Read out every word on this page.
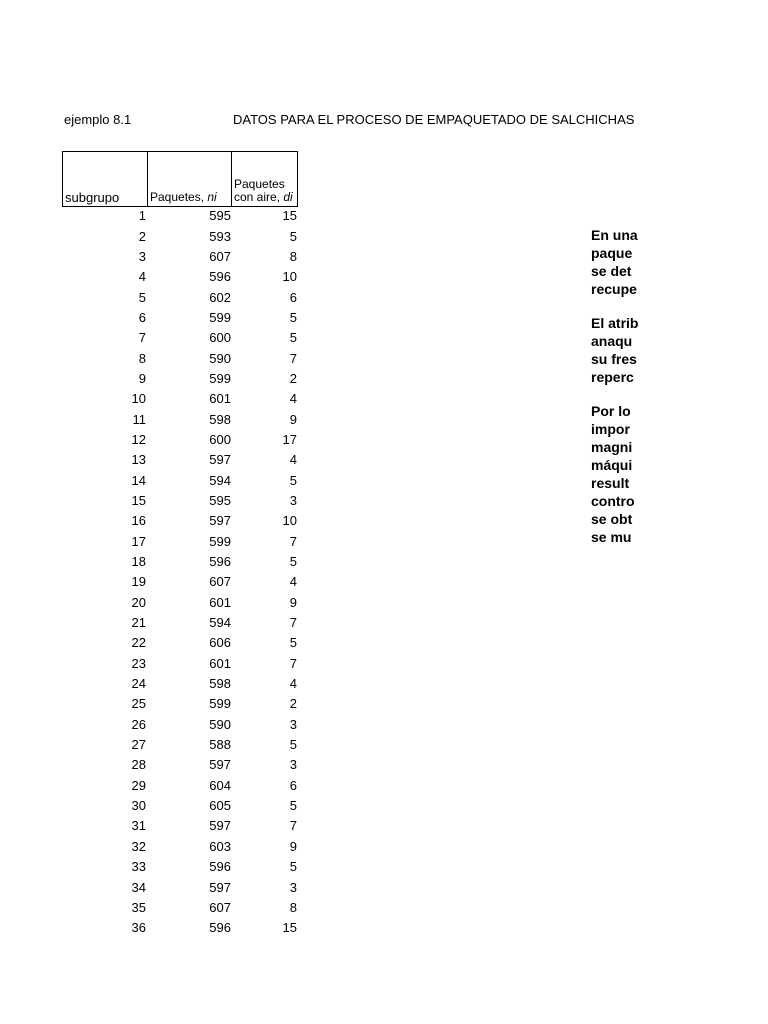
ejemplo 8.1	DATOS PARA EL PROCESO DE EMPAQUETADO DE SALCHICHAS
subgrupo	Paquetes, ni
Paquetes
con aire, di
1	595	15
2	593	5
3	607	8
4	596	10
5	602	6
6	599	5
7	600	5
8	590	7
9	599	2
10	601	4
11	598	9
12	600	17
13	597	4
14	594	5
15	595	3
16	597	10
17	599	7
18	596	5
19	607	4
20	601	9
21	594	7
22	606	5
23	601	7
24	598	4
25	599	2
26	590	3
27	588	5
28	597	3
29	604	6
30	605	5
31	597	7
32	603	9
33	596	5
34	597	3
35	607	8
36	596	15

En una
paque
se det
recupe

El atrib
anaqu
su fres
reperc

Por lo
impor
magni
máqui
result
contro
se obt
se mu
